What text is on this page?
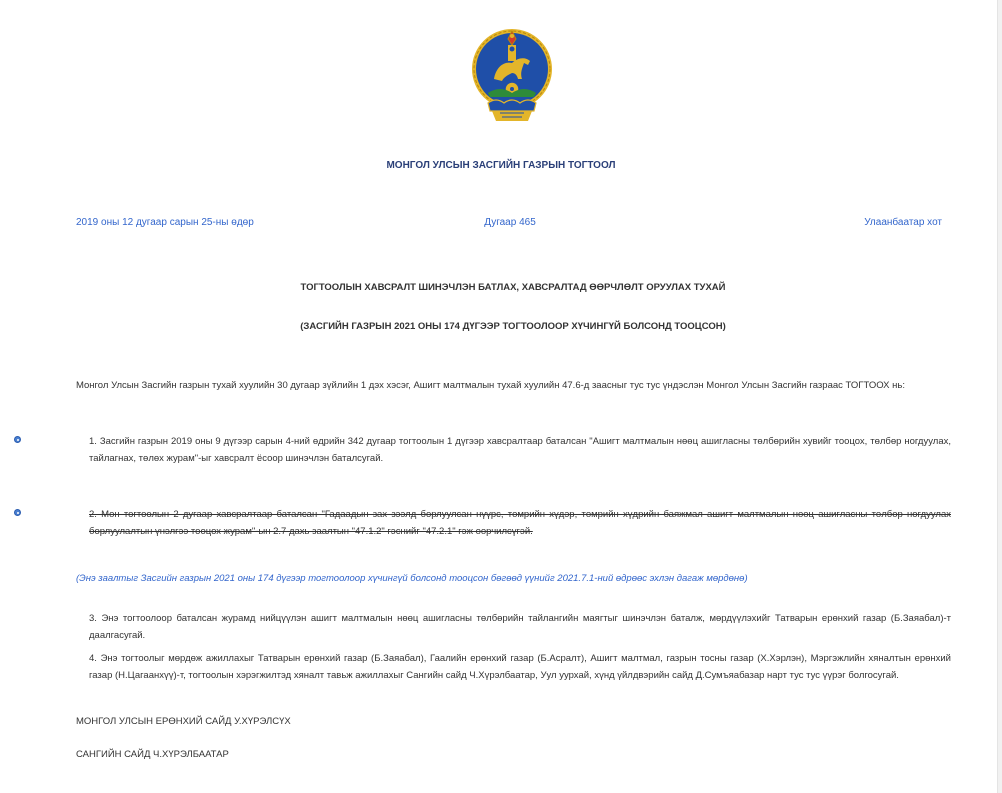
МОНГОЛ УЛСЫН ЗАСГИЙН ГАЗРЫН ТОГТООЛ
2019 оны 12 дугаар сарын 25-ны өдөр	Дугаар 465	Улаанбаатар хот
ТОГТООЛЫН ХАВСРАЛТ ШИНЭЧЛЭН БАТЛАХ, ХАВСРАЛТАД ӨӨРЧЛӨЛТ ОРУУЛАХ ТУХАЙ
(ЗАСГИЙН ГАЗРЫН 2021 ОНЫ 174 ДҮГЭЭР ТОГТООЛООР ХҮЧИНГҮЙ БОЛСОНД ТООЦСОН)
Монгол Улсын Засгийн газрын тухай хуулийн 30 дугаар зүйлийн 1 дэх хэсэг, Ашигт малтмалын тухай хуулийн 47.6-д заасныг тус тус үндэслэн Монгол Улсын Засгийн газраас ТОГТООХ нь:
1. Засгийн газрын 2019 оны 9 дүгээр сарын 4-ний өдрийн 342 дугаар тогтоолын 1 дүгээр хавсралтаар баталсан "Ашигт малтмалын нөөц ашигласны төлбөрийн хувийг тооцох, төлбөр ногдуулах, тайлагнах, төлөх журам"-ыг хавсралт ёсоор шинэчлэн баталсугай.
2. Мөн тогтоолын 2 дугаар хавсралтаар баталсан "Гадаадын зах зээлд борлуулсан нүүрс, төмрийн хүдэр, төмрийн хүдрийн баяжмал ашигт малтмалын нөөц ашигласны төлбөр ногдуулах борлуулалтын үнэлгээ тооцох журам"-ын 2.7 дахь заалтын "47.1.2" гэснийг "47.2.1" гэж өөрчилсүгэй.
(Энэ заалтыг Засгийн газрын 2021 оны 174 дүгээр тогтоолоор хүчингүй болсонд тооцсон бөгөөд үүнийг 2021.7.1-ний өдрөөс эхлэн дагаж мөрдөнө)
3. Энэ тогтоолоор баталсан журамд нийцүүлэн ашигт малтмалын нөөц ашигласны төлбөрийн тайлангийн маягтыг шинэчлэн баталж, мөрдүүлэхийг Татварын ерөнхий газар (Б.Заяабал)-т даалгасугай.
4. Энэ тогтоолыг мөрдөж ажиллахыг Татварын ерөнхий газар (Б.Заяабал), Гаалийн ерөнхий газар (Б.Асралт), Ашигт малтмал, газрын тосны газар (Х.Хэрлэн), Мэргэжлийн хяналтын ерөнхий газар (Н.Цагаанхүү)-т, тогтоолын хэрэгжилтэд хяналт тавьж ажиллахыг Сангийн сайд Ч.Хүрэлбаатар, Уул уурхай, хүнд үйлдвэрийн сайд Д.Сумъяабазар нарт тус тус үүрэг болгосугай.
МОНГОЛ УЛСЫН ЕРӨНХИЙ САЙД У.ХҮРЭЛСҮХ
САНГИЙН САЙД Ч.ХҮРЭЛБААТАР
